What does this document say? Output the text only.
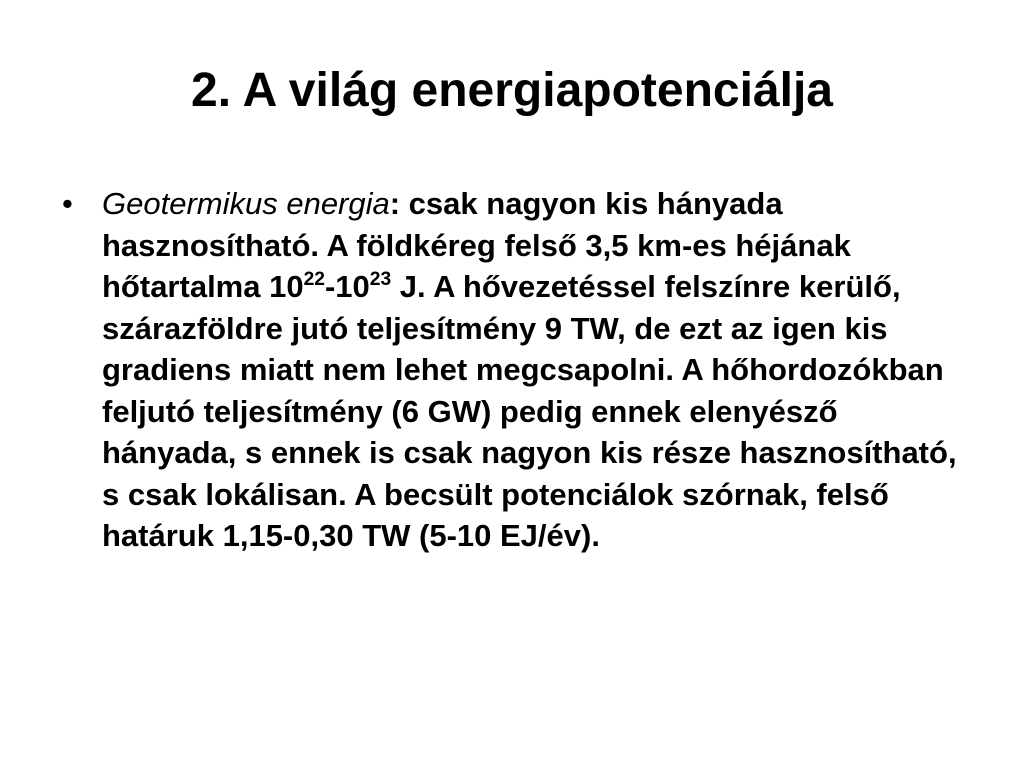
2. A világ energiapotenciálja
• Geotermikus energia: csak nagyon kis hányada hasznosítható. A földkéreg felső 3,5 km-es héjának hőtartalma $10^{22}-10^{23}$ J. A hővezetéssel felszínre kerülő, szárazföldre jutó teljesítmény 9 TW, de ezt az igen kis gradiens miatt nem lehet megcsapolni. A hőhordozókban feljutó teljesítmény (6 GW) pedig ennek elenyésző hányada, s ennek is csak nagyon kis része hasznosítható, s csak lokálisan. A becsült potenciálok szórnak, felső határuk 1,15-0,30 TW (5-10 EJ/év).
